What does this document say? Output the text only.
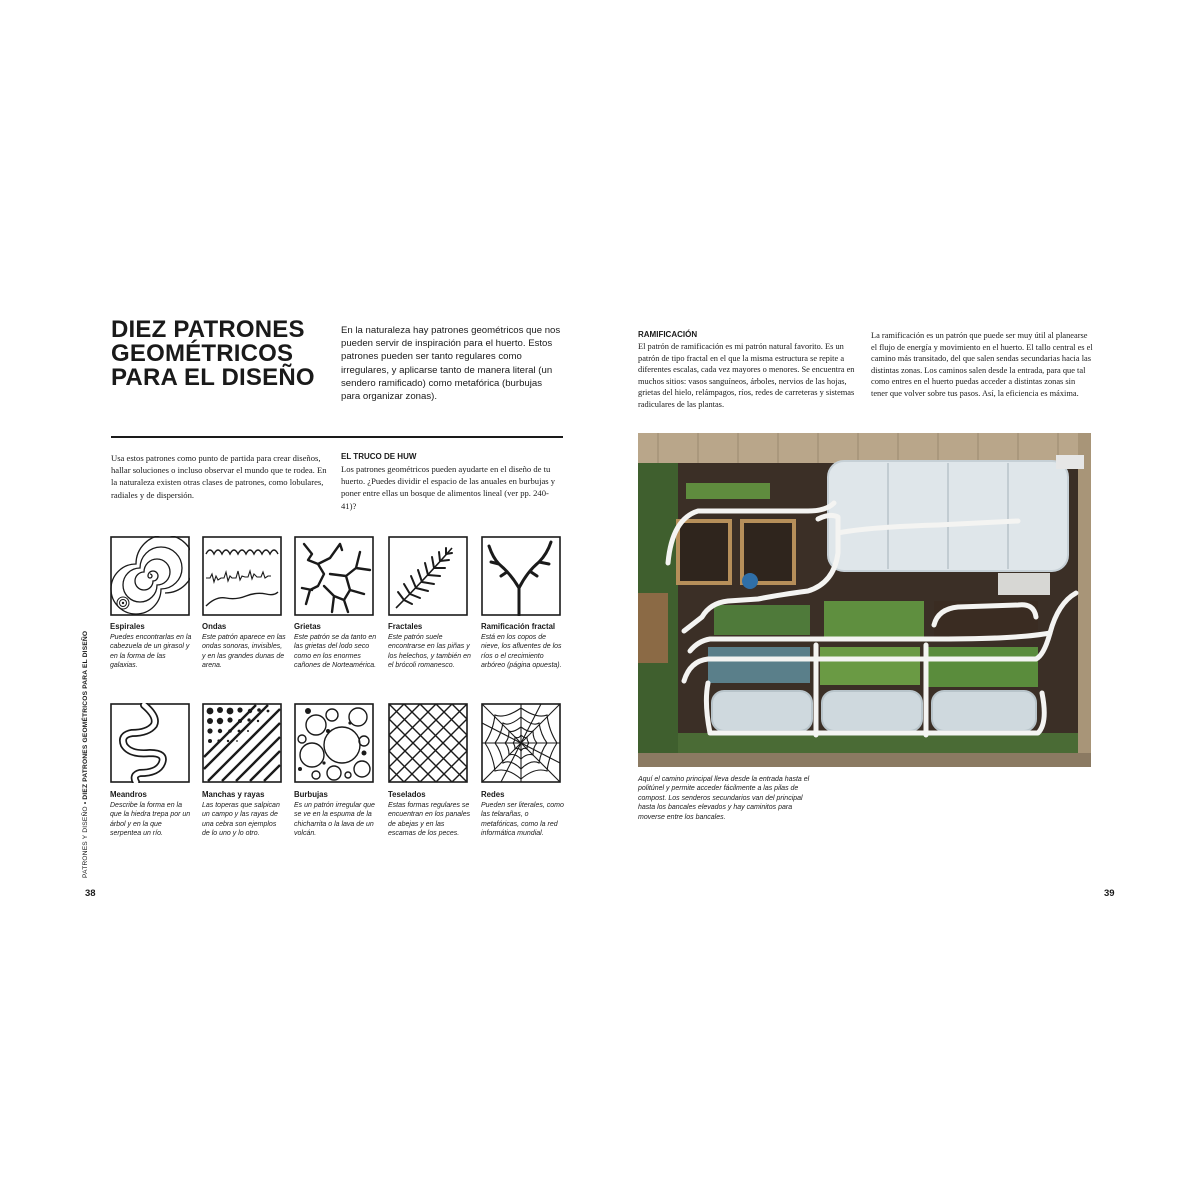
DIEZ PATRONES
GEOMÉTRICOS
PARA EL DISEÑO
En la naturaleza hay patrones geométricos que nos pueden servir de inspiración para el huerto. Estos patrones pueden ser tanto regulares como irregulares, y aplicarse tanto de manera literal (un sendero ramificado) como metafórica (burbujas para organizar zonas).
Usa estos patrones como punto de partida para crear diseños, hallar soluciones o incluso observar el mundo que te rodea. En la naturaleza existen otras clases de patrones, como lobulares, radiales y de dispersión.
EL TRUCO DE HUW
Los patrones geométricos pueden ayudarte en el diseño de tu huerto. ¿Puedes dividir el espacio de las anuales en burbujas y poner entre ellas un bosque de alimentos lineal (ver pp. 240-41)?
Espirales
Puedes encontrarlas en la cabezuela de un girasol y en la forma de las galaxias.
Ondas
Este patrón aparece en las ondas sonoras, invisibles, y en las grandes dunas de arena.
Grietas
Este patrón se da tanto en las grietas del lodo seco como en los enormes cañones de Norteamérica.
Fractales
Este patrón suele encontrarse en las piñas y los helechos, y también en el brócoli romanesco.
Ramificación fractal
Está en los copos de nieve, los afluentes de los ríos o el crecimiento arbóreo (página opuesta).
Meandros
Describe la forma en la que la hiedra trepa por un árbol y en la que serpentea un río.
Manchas y rayas
Las toperas que salpican un campo y las rayas de una cebra son ejemplos de lo uno y lo otro.
Burbujas
Es un patrón irregular que se ve en la espuma de la chicharrita o la lava de un volcán.
Teselados
Estas formas regulares se encuentran en los panales de abejas y en las escamas de los peces.
Redes
Pueden ser literales, como las telarañas, o metafóricas, como la red informática mundial.
PATRONES Y DISEÑO • DIEZ PATRONES GEOMÉTRICOS PARA EL DISEÑO
38
RAMIFICACIÓN
El patrón de ramificación es mi patrón natural favorito. Es un patrón de tipo fractal en el que la misma estructura se repite a diferentes escalas, cada vez mayores o menores. Se encuentra en muchos sitios: vasos sanguíneos, árboles, nervios de las hojas, grietas del hielo, relámpagos, ríos, redes de carreteras y sistemas radiculares de las plantas.
La ramificación es un patrón que puede ser muy útil al planearse el flujo de energía y movimiento en el huerto. El tallo central es el camino más transitado, del que salen sendas secundarias hacia las distintas zonas. Los caminos salen desde la entrada, para que tal como entres en el huerto puedas acceder a distintas zonas sin tener que volver sobre tus pasos. Así, la eficiencia es máxima.
Aquí el camino principal lleva desde la entrada hasta el politúnel y permite acceder fácilmente a las pilas de compost. Los senderos secundarios van del principal hasta los bancales elevados y hay caminitos para moverse entre los bancales.
39
